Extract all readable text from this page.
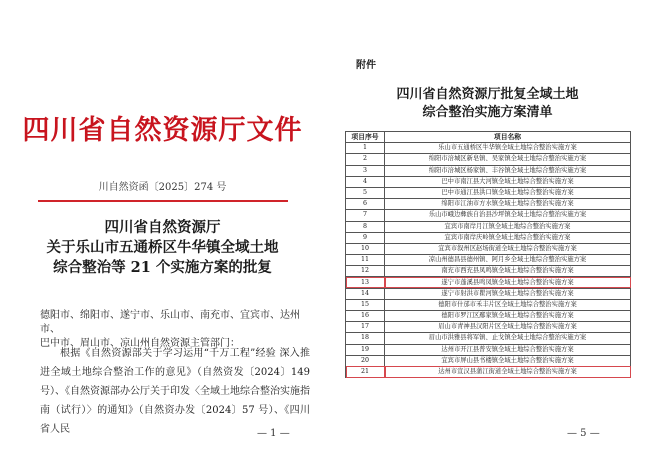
四川省自然资源厅文件
川自然资函〔2025〕274 号
四川省自然资源厅
关于乐山市五通桥区牛华镇全域土地
综合整治等 21 个实施方案的批复
德阳市、绵阳市、遂宁市、乐山市、南充市、宜宾市、达州市、
巴中市、眉山市、凉山州自然资源主管部门：
根据《自然资源部关于学习运用“千万工程”经验 深入推进全域土地综合整治工作的意见》（自然资发〔2024〕149 号）、《自然资源部办公厅关于印发〈全域土地综合整治实施指南（试行）〉的通知》（自然资办发〔2024〕57 号）、《四川省人民	— 1 —
附件
四川省自然资源厅批复全域土地
综合整治实施方案清单
项目序号	项目名称
1	乐山市五通桥区牛华镇全域土地综合整治实施方案
2	绵阳市涪城区新皂镇、吴家镇全域土地综合整治实施方案
3	绵阳市涪城区杨家镇、丰谷镇全域土地综合整治实施方案
4	巴中市南江县大河镇全域土地综合整治实施方案
5	巴中市通江县洪口镇全域土地综合整治实施方案
6	绵阳市江油市方水镇全域土地综合整治实施方案
7	乐山市峨边彝族自治县沙坪镇全域土地综合整治实施方案
8	宜宾市南岸月江镇全域土地综合整治实施方案
9	宜宾市南岸庆岭镇全域土地综合整治实施方案
10	宜宾市叙州区赵场街道全域土地综合整治实施方案
11	凉山州德昌县德州镇、阿月乡全域土地综合整治实施方案
12	南充市西充县凤鸣镇全域土地综合整治实施方案
13	遂宁市蓬溪县鸣凤镇全域土地综合整治实施方案
14	遂宁市射洪市瞿河镇全域土地综合整治实施方案
15	德阳市什邡市禾丰片区全域土地综合整治实施方案
16	德阳市罗江区鄢家镇全域土地综合整治实施方案
17	眉山市青神县汉阳片区全域土地综合整治实施方案
18	眉山市洪雅县将军镇、止戈镇全域土地综合整治实施方案
19	达州市开江县普安镇全域土地综合整治实施方案
20	宜宾市屏山县书楼镇全域土地综合整治实施方案
21	达州市宣汉县蒲江街道全域土地综合整治实施方案
— 5 —
